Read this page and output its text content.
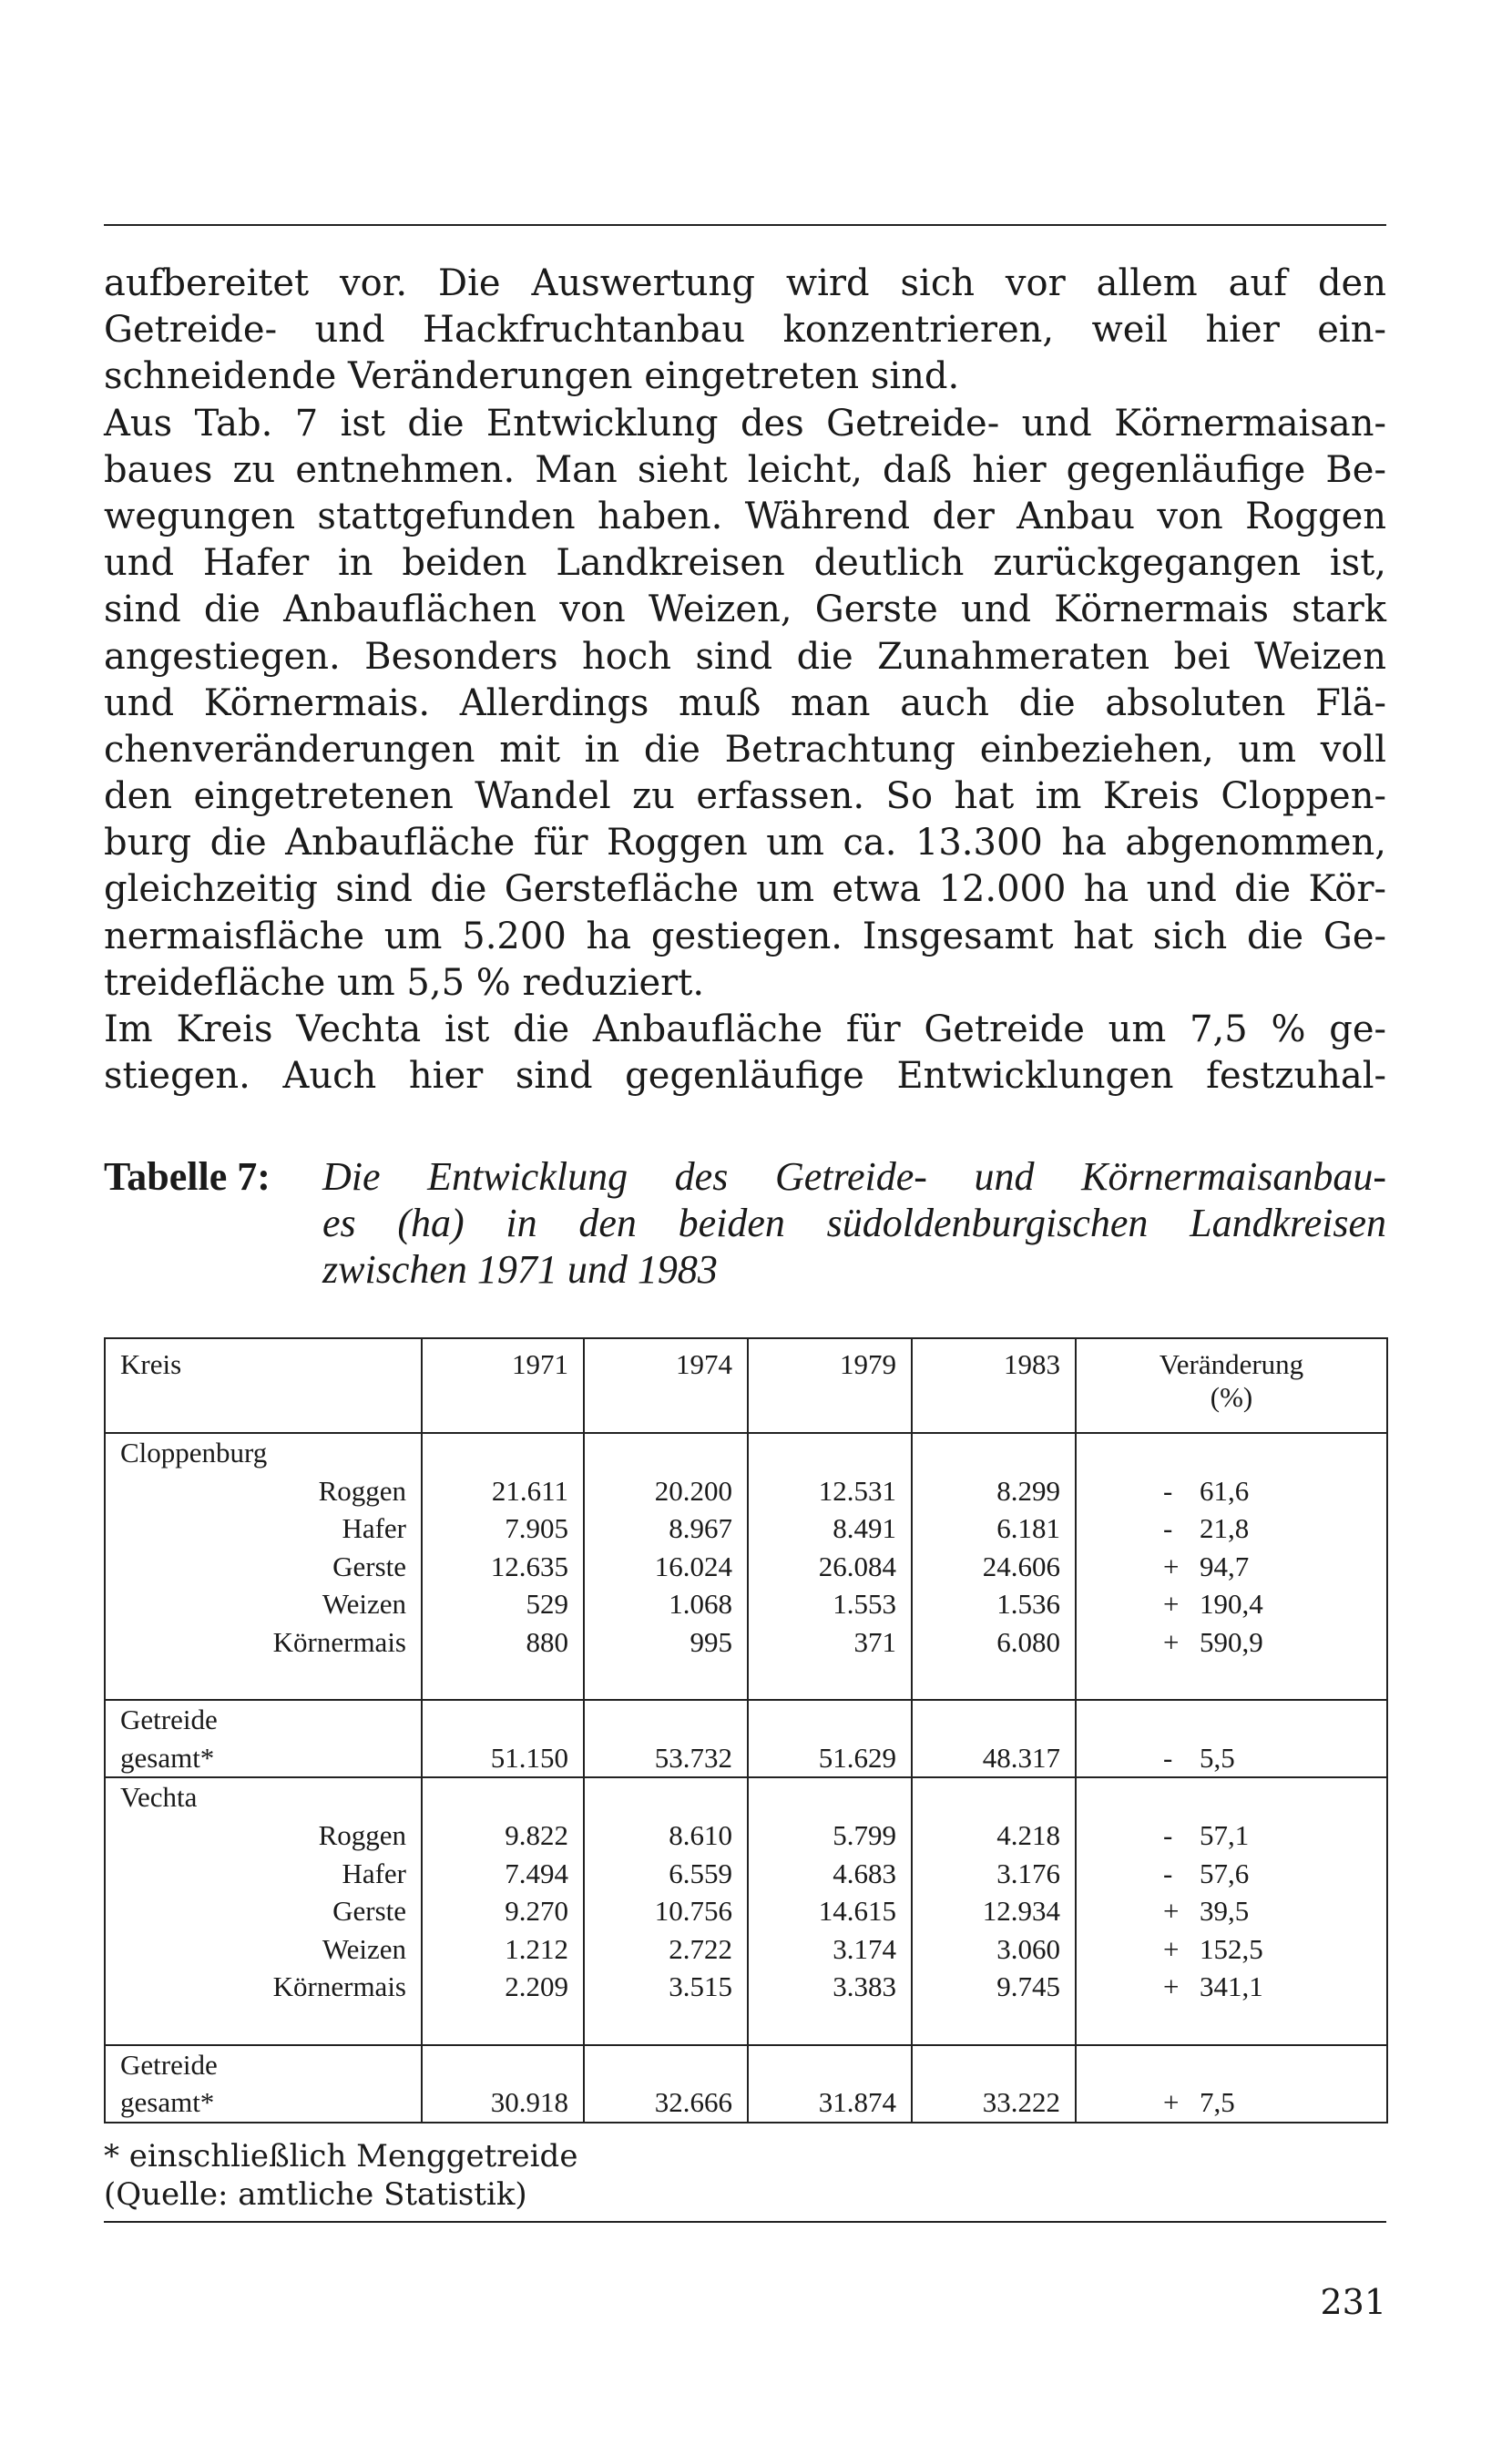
aufbereitet vor. Die Auswertung wird sich vor allem auf den
Getreide- und Hackfruchtanbau konzentrieren, weil hier ein-
schneidende Veränderungen eingetreten sind.
Aus Tab. 7 ist die Entwicklung des Getreide- und Körnermaisan-
baues zu entnehmen. Man sieht leicht, daß hier gegenläufige Be-
wegungen stattgefunden haben. Während der Anbau von Roggen
und Hafer in beiden Landkreisen deutlich zurückgegangen ist,
sind die Anbauflächen von Weizen, Gerste und Körnermais stark
angestiegen. Besonders hoch sind die Zunahmeraten bei Weizen
und Körnermais. Allerdings muß man auch die absoluten Flä-
chenveränderungen mit in die Betrachtung einbeziehen, um voll
den eingetretenen Wandel zu erfassen. So hat im Kreis Cloppen-
burg die Anbaufläche für Roggen um ca. 13.300 ha abgenommen,
gleichzeitig sind die Gerstefläche um etwa 12.000 ha und die Kör-
nermaisfläche um 5.200 ha gestiegen. Insgesamt hat sich die Ge-
treidefläche um 5,5 % reduziert.
Im Kreis Vechta ist die Anbaufläche für Getreide um 7,5 % ge-
stiegen. Auch hier sind gegenläufige Entwicklungen festzuhal-
Tabelle 7: Die Entwicklung des Getreide- und Körnermaisanbau-
es (ha) in den beiden südoldenburgischen Landkreisen
zwischen 1971 und 1983
Kreis	1971	1974	1979	1983	Veränderung
(%)
Cloppenburg					
Roggen	21.611	20.200	12.531	8.299	- 61,6
Hafer	7.905	8.967	8.491	6.181	- 21,8
Gerste	12.635	16.024	26.084	24.606	+ 94,7
Weizen	529	1.068	1.553	1.536	+ 190,4
Körnermais	880	995	371	6.080	+ 590,9

Getreide					
gesamt*	51.150	53.732	51.629	48.317	- 5,5
Vechta					
Roggen	9.822	8.610	5.799	4.218	- 57,1
Hafer	7.494	6.559	4.683	3.176	- 57,6
Gerste	9.270	10.756	14.615	12.934	+ 39,5
Weizen	1.212	2.722	3.174	3.060	+ 152,5
Körnermais	2.209	3.515	3.383	9.745	+ 341,1

Getreide					
gesamt*	30.918	32.666	31.874	33.222	+ 7,5
* einschließlich Menggetreide
(Quelle: amtliche Statistik)
231
